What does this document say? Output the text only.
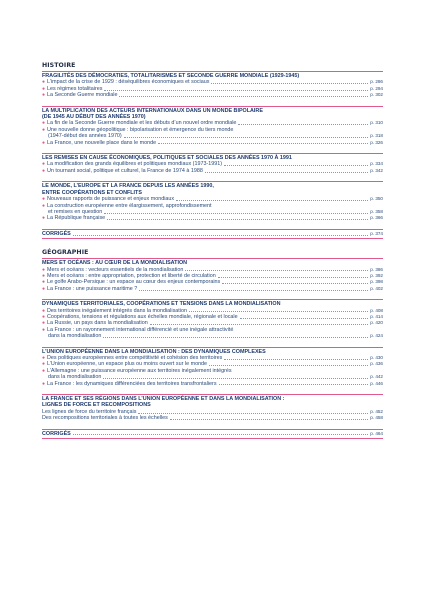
HISTOIRE
FRAGILITÉS DES DÉMOCRATIES, TOTALITARISMES ET SECONDE GUERRE MONDIALE (1929-1945)
● L’impact de la crise de 1929 : déséquilibres économiques et sociaux	p. 286
● Les régimes totalitaires	p. 294
● La Seconde Guerre mondiale	p. 302
LA MULTIPLICATION DES ACTEURS INTERNATIONAUX DANS UN MONDE BIPOLAIRE
(DE 1945 AU DÉBUT DES ANNÉES 1970)
● La fin de la Seconde Guerre mondiale et les débuts d’un nouvel ordre mondiale	p. 310
● Une nouvelle donne géopolitique : bipolarisation et émergence du tiers monde
(1947-début des années 1970)	p. 318
● La France, une nouvelle place dans le monde	p. 326
LES REMISES EN CAUSE ÉCONOMIQUES, POLITIQUES ET SOCIALES DES ANNÉES 1970 À 1991
● La modification des grands équilibres et politiques mondiaux (1973-1991)	p. 334
● Un tournant social, politique et culturel, la France de 1974 à 1988	p. 342
LE MONDE, L’EUROPE ET LA FRANCE DEPUIS LES ANNÉES 1990,
ENTRE COOPÉRATIONS ET CONFLITS
● Nouveaux rapports de puissance et enjeux mondiaux	p. 350
● La construction européenne entre élargissement, approfondissement
et remises en question	p. 358
● La République française	p. 366
CORRIGÉS	p. 374
GÉOGRAPHIE
MERS ET OCÉANS : AU CŒUR DE LA MONDIALISATION
● Mers et océans : vecteurs essentiels de la mondialisation	p. 386
● Mers et océans : entre appropriation, protection et liberté de circulation	p. 392
● Le golfe Arabo-Persique : un espace au cœur des enjeux contemporains	p. 398
● La France : une puissance maritime ?	p. 402
DYNAMIQUES TERRITORIALES, COOPÉRATIONS ET TENSIONS DANS LA MONDIALISATION
● Des territoires inégalement intégrés dans la mondialisation	p. 408
● Coopérations, tensions et régulations aux échelles mondiale, régionale et locale	p. 414
● La Russie, un pays dans la mondialisation	p. 420
● La France : un rayonnement international différencié et une inégale attractivité
dans la mondialisation	p. 424
L’UNION EUROPÉENNE DANS LA MONDIALISATION : DES DYNAMIQUES COMPLEXES
● Des politiques européennes entre compétitivité et cohésion des territoires	p. 430
● L’Union européenne, un espace plus ou moins ouvert sur le monde	p. 436
● L’Allemagne : une puissance européenne aux territoires inégalement intégrés
dans la mondialisation	p. 442
● La France : les dynamiques différenciées des territoires transfrontaliers	p. 446
LA FRANCE ET SES RÉGIONS DANS L’UNION EUROPÉENNE ET DANS LA MONDIALISATION :
LIGNES DE FORCE ET RECOMPOSITIONS
Les lignes de force du territoire français	p. 452
Des recompositions territoriales à toutes les échelles	p. 458
CORRIGÉS	p. 464
